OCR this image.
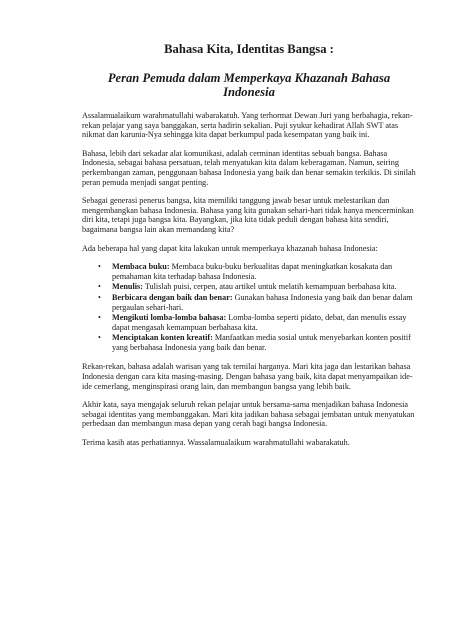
Bahasa Kita, Identitas Bangsa :
Peran Pemuda dalam Memperkaya Khazanah Bahasa Indonesia

Assalamualaikum warahmatullahi wabarakatuh. Yang terhormat Dewan Juri yang berbahagia, rekan-rekan pelajar yang saya banggakan, serta hadirin sekalian. Puji syukur kehadirat Allah SWT atas nikmat dan karunia-Nya sehingga kita dapat berkumpul pada kesempatan yang baik ini.

Bahasa, lebih dari sekadar alat komunikasi, adalah cerminan identitas sebuah bangsa. Bahasa Indonesia, sebagai bahasa persatuan, telah menyatukan kita dalam keberagaman. Namun, seiring perkembangan zaman, penggunaan bahasa Indonesia yang baik dan benar semakin terkikis. Di sinilah peran pemuda menjadi sangat penting.

Sebagai generasi penerus bangsa, kita memiliki tanggung jawab besar untuk melestarikan dan mengembangkan bahasa Indonesia. Bahasa yang kita gunakan sehari-hari tidak hanya mencerminkan diri kita, tetapi juga bangsa kita. Bayangkan, jika kita tidak peduli dengan bahasa kita sendiri, bagaimana bangsa lain akan memandang kita?

Ada beberapa hal yang dapat kita lakukan untuk memperkaya khazanah bahasa Indonesia:

• Membaca buku: Membaca buku-buku berkualitas dapat meningkatkan kosakata dan pemahaman kita terhadap bahasa Indonesia.
• Menulis: Tulislah puisi, cerpen, atau artikel untuk melatih kemampuan berbahasa kita.
• Berbicara dengan baik dan benar: Gunakan bahasa Indonesia yang baik dan benar dalam pergaulan sehari-hari.
• Mengikuti lomba-lomba bahasa: Lomba-lomba seperti pidato, debat, dan menulis essay dapat mengasah kemampuan berbahasa kita.
• Menciptakan konten kreatif: Manfaatkan media sosial untuk menyebarkan konten positif yang berbahasa Indonesia yang baik dan benar.

Rekan-rekan, bahasa adalah warisan yang tak ternilai harganya. Mari kita jaga dan lestarikan bahasa Indonesia dengan cara kita masing-masing. Dengan bahasa yang baik, kita dapat menyampaikan ide-ide cemerlang, menginspirasi orang lain, dan membangun bangsa yang lebih baik.

Akhir kata, saya mengajak seluruh rekan pelajar untuk bersama-sama menjadikan bahasa Indonesia sebagai identitas yang membanggakan. Mari kita jadikan bahasa sebagai jembatan untuk menyatukan perbedaan dan membangun masa depan yang cerah bagi bangsa Indonesia.

Terima kasih atas perhatiannya. Wassalamualaikum warahmatullahi wabarakatuh.
